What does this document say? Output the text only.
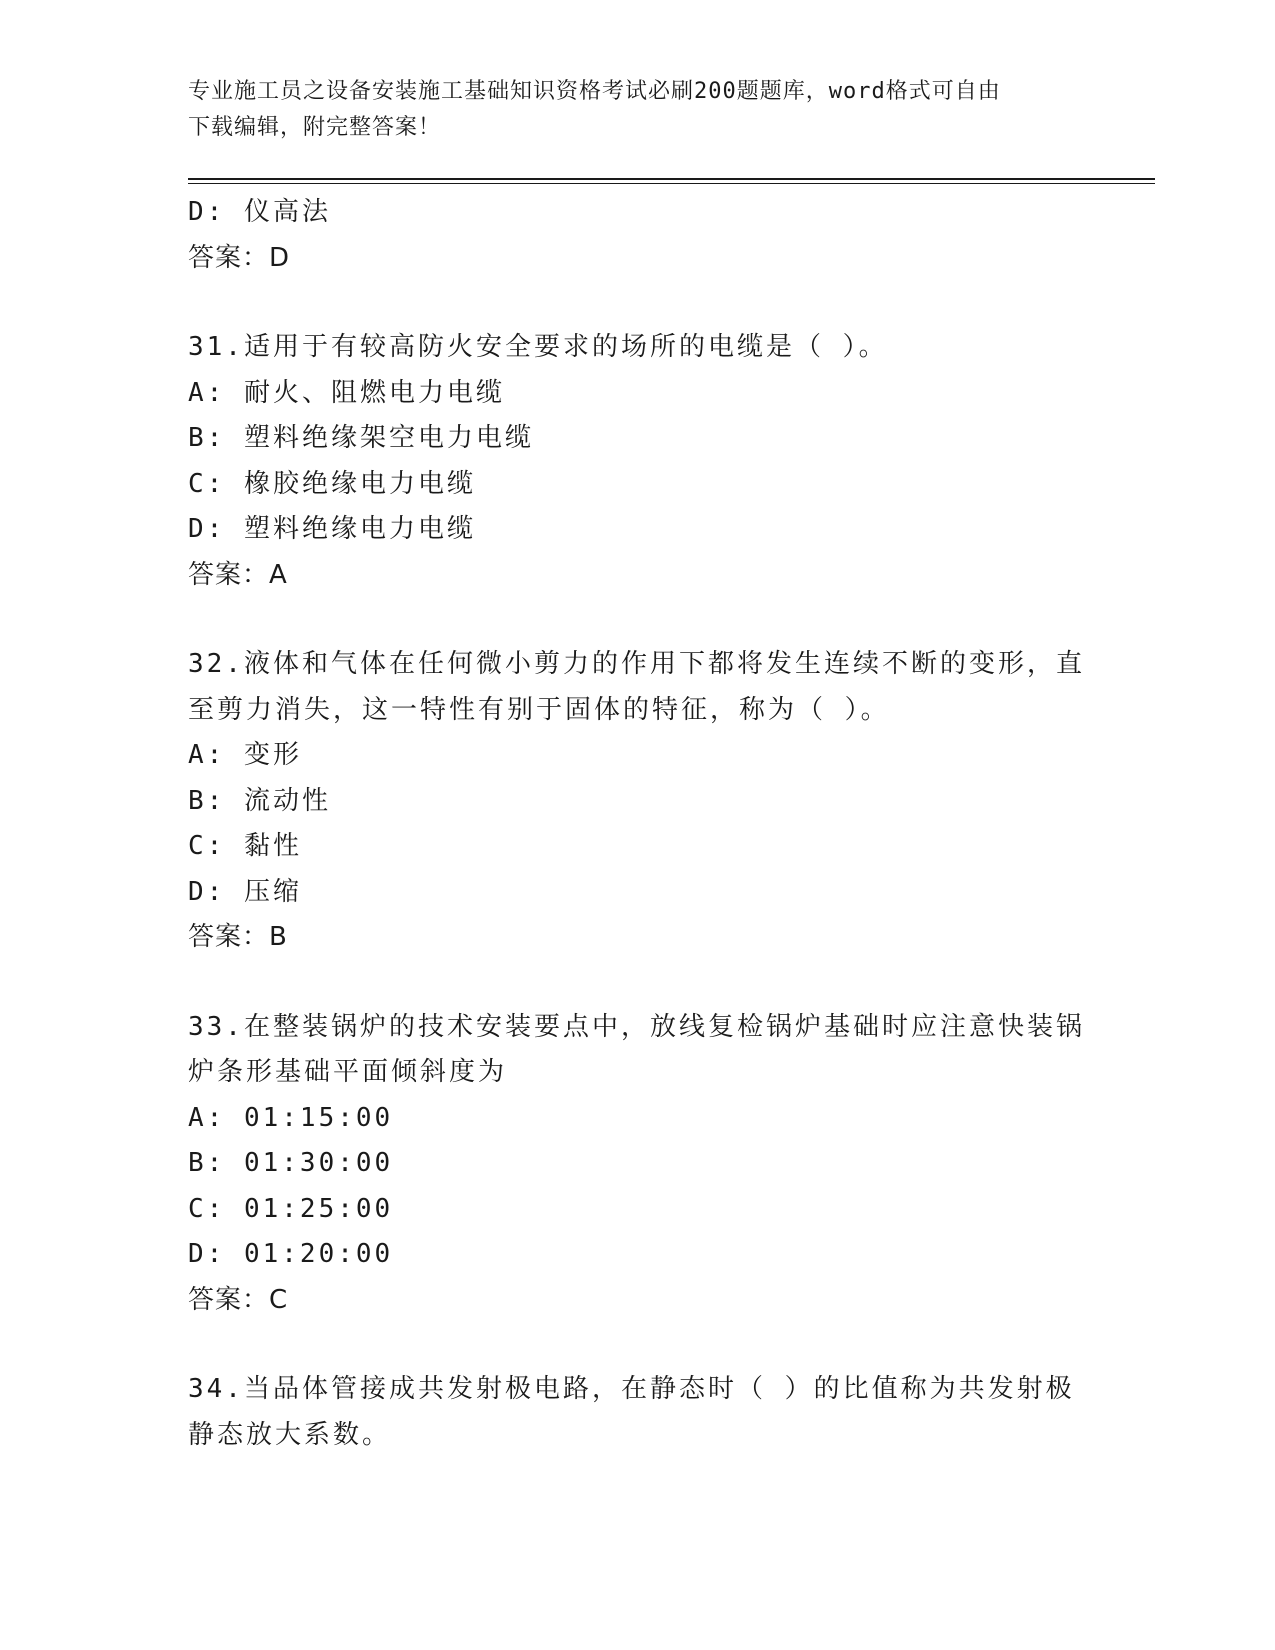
专业施工员之设备安装施工基础知识资格考试必刷200题题库，word格式可自由
下载编辑，附完整答案！
D: 仪高法
答案：D
31.适用于有较高防火安全要求的场所的电缆是（ ）。
A: 耐火、阻燃电力电缆
B: 塑料绝缘架空电力电缆
C: 橡胶绝缘电力电缆
D: 塑料绝缘电力电缆
答案：A
32.液体和气体在任何微小剪力的作用下都将发生连续不断的变形，直
至剪力消失，这一特性有别于固体的特征，称为（ ）。
A: 变形
B: 流动性
C: 黏性
D: 压缩
答案：B
33.在整装锅炉的技术安装要点中，放线复检锅炉基础时应注意快装锅
炉条形基础平面倾斜度为
A: 01:15:00
B: 01:30:00
C: 01:25:00
D: 01:20:00
答案：C
34.当品体管接成共发射极电路，在静态时（ ）的比值称为共发射极
静态放大系数。
